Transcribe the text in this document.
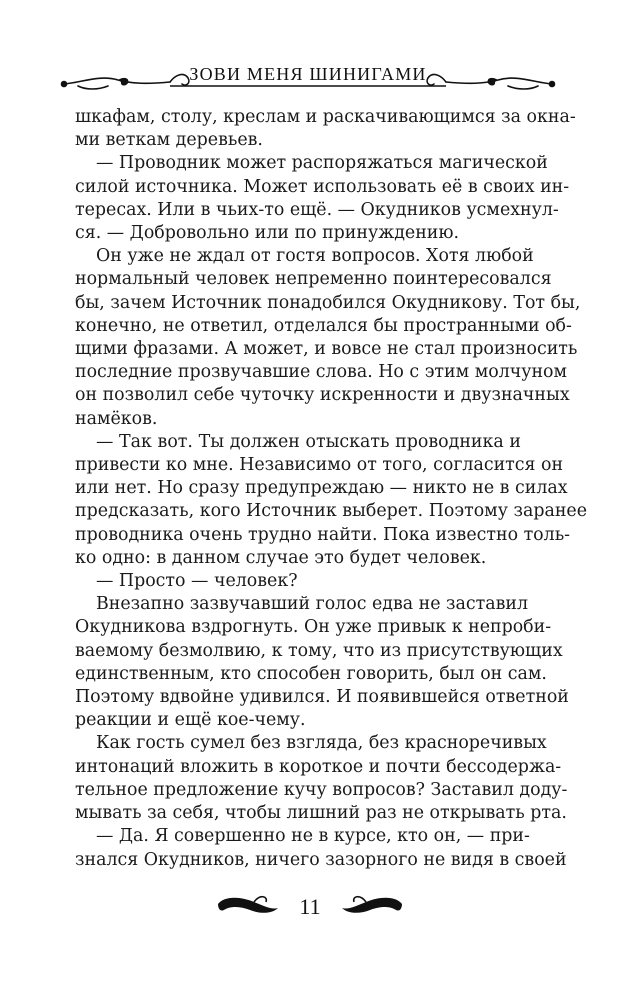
ЗОВИ МЕНЯ ШИНИГАМИ
шкафам, столу, креслам и раскачивающимся за окна-
ми веткам деревьев.
— Проводник может распоряжаться магической
силой источника. Может использовать её в своих ин-
тересах. Или в чьих-то ещё. — Окудников усмехнул-
ся. — Добровольно или по принуждению.
Он уже не ждал от гостя вопросов. Хотя любой
нормальный человек непременно поинтересовался
бы, зачем Источник понадобился Окудникову. Тот бы,
конечно, не ответил, отделался бы пространными об-
щими фразами. А может, и вовсе не стал произносить
последние прозвучавшие слова. Но с этим молчуном
он позволил себе чуточку искренности и двузначных
намёков.
— Так вот. Ты должен отыскать проводника и
привести ко мне. Независимо от того, согласится он
или нет. Но сразу предупреждаю — никто не в силах
предсказать, кого Источник выберет. Поэтому заранее
проводника очень трудно найти. Пока известно толь-
ко одно: в данном случае это будет человек.
— Просто — человек?
Внезапно зазвучавший голос едва не заставил
Окудникова вздрогнуть. Он уже привык к непроби-
ваемому безмолвию, к тому, что из присутствующих
единственным, кто способен говорить, был он сам.
Поэтому вдвойне удивился. И появившейся ответной
реакции и ещё кое-чему.
Как гость сумел без взгляда, без красноречивых
интонаций вложить в короткое и почти бессодержа-
тельное предложение кучу вопросов? Заставил доду-
мывать за себя, чтобы лишний раз не открывать рта.
— Да. Я совершенно не в курсе, кто он, — при-
знался Окудников, ничего зазорного не видя в своей
11
